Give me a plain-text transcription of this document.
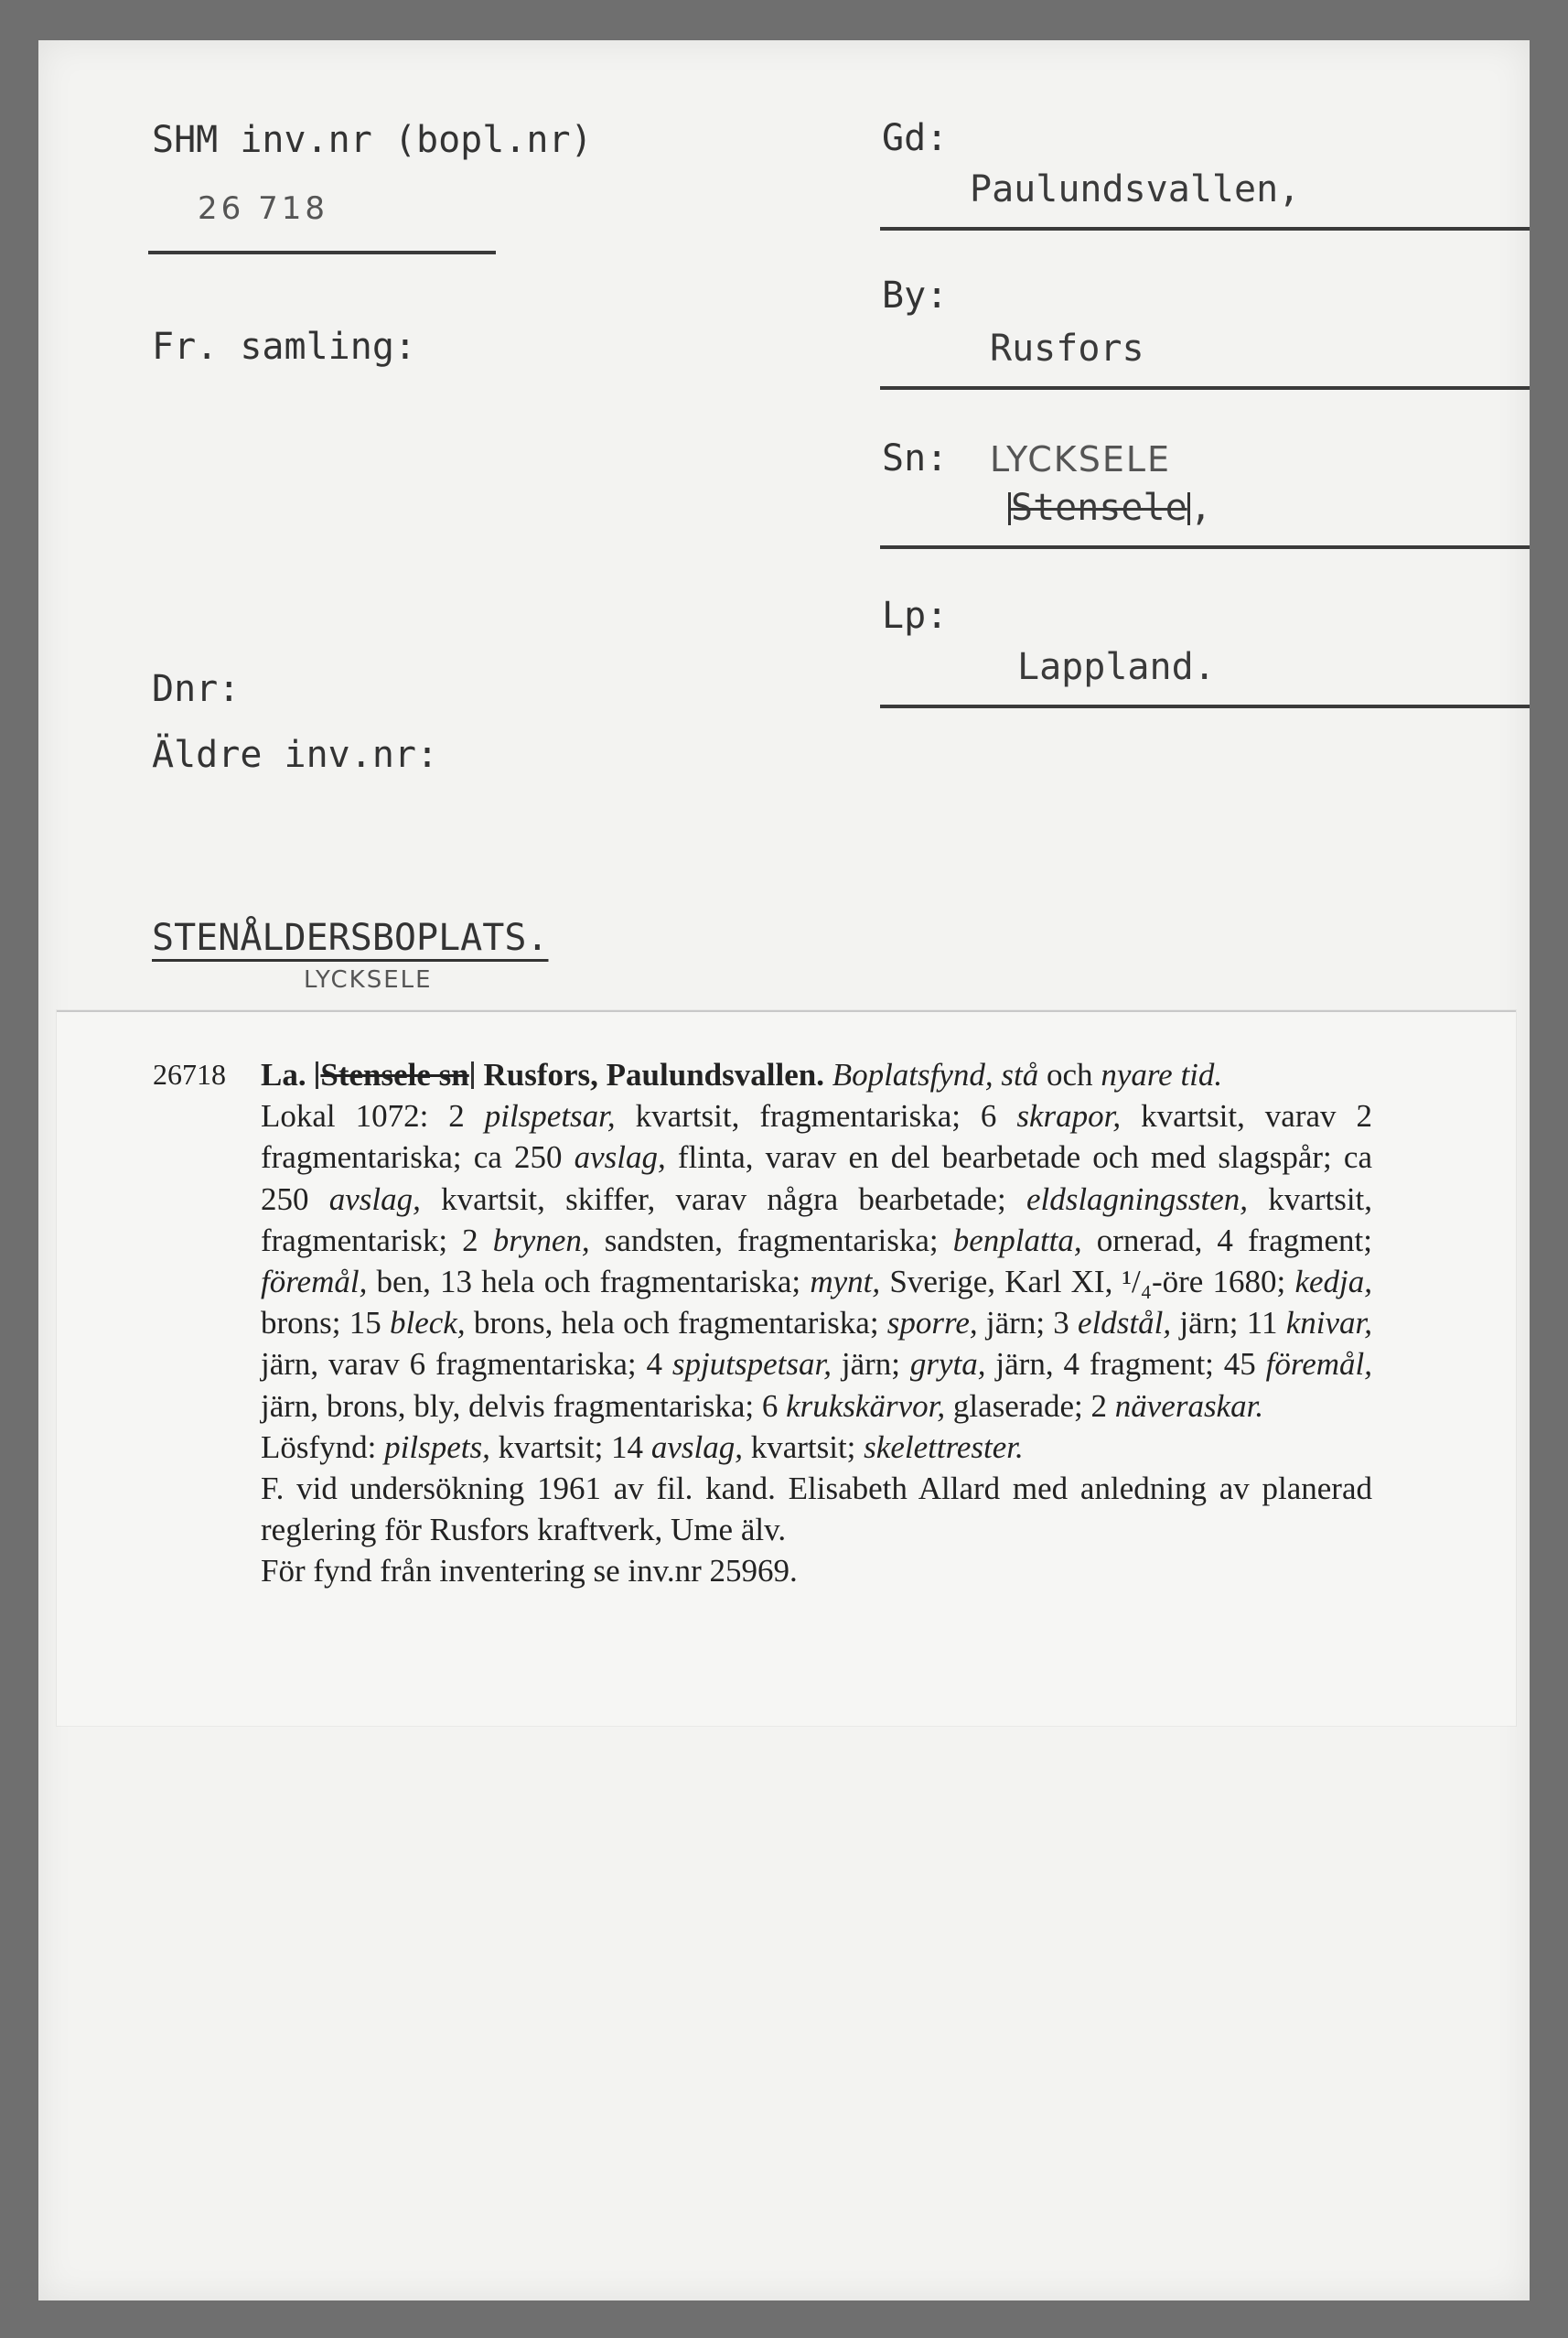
SHM inv.nr (bopl.nr)
26 718
Fr. samling:
Dnr:
Äldre inv.nr:
Gd:
Paulundsvallen,
By:
Rusfors
Sn: LYCKSELE
Stensele,
Lp:
Lappland.
STENÅLDERSBOPLATS.
LYCKSELE
26718 La. Stensele sn Rusfors, Paulundsvallen. Boplatsfynd, stå och nyare tid.

Lokal 1072: 2 pilspetsar, kvartsit, fragmentariska; 6 skrapor, kvartsit, varav 2 fragmentariska; ca 250 avslag, flinta, varav en del bearbetade och med slagspår; ca 250 avslag, kvartsit, skiffer, varav några bearbetade; eldslagningssten, kvartsit, fragmentarisk; 2 brynen, sandsten, fragmentariska; benplatta, ornerad, 4 fragment; föremål, ben, 13 hela och fragmentariska; mynt, Sverige, Karl XI, ¹/₄-öre 1680; kedja, brons; 15 bleck, brons, hela och fragmentariska; sporre, järn; 3 eldstål, järn; 11 knivar, järn, varav 6 fragmentariska; 4 spjutspetsar, järn; gryta, järn, 4 fragment; 45 föremål, järn, brons, bly, delvis fragmentariska; 6 krukskärvor, glaserade; 2 näveraskar.

Lösfynd: pilspets, kvartsit; 14 avslag, kvartsit; skelettrester.

F. vid undersökning 1961 av fil. kand. Elisabeth Allard med anledning av planerad reglering för Rusfors kraftverk, Ume älv.

För fynd från inventering se inv.nr 25969.
